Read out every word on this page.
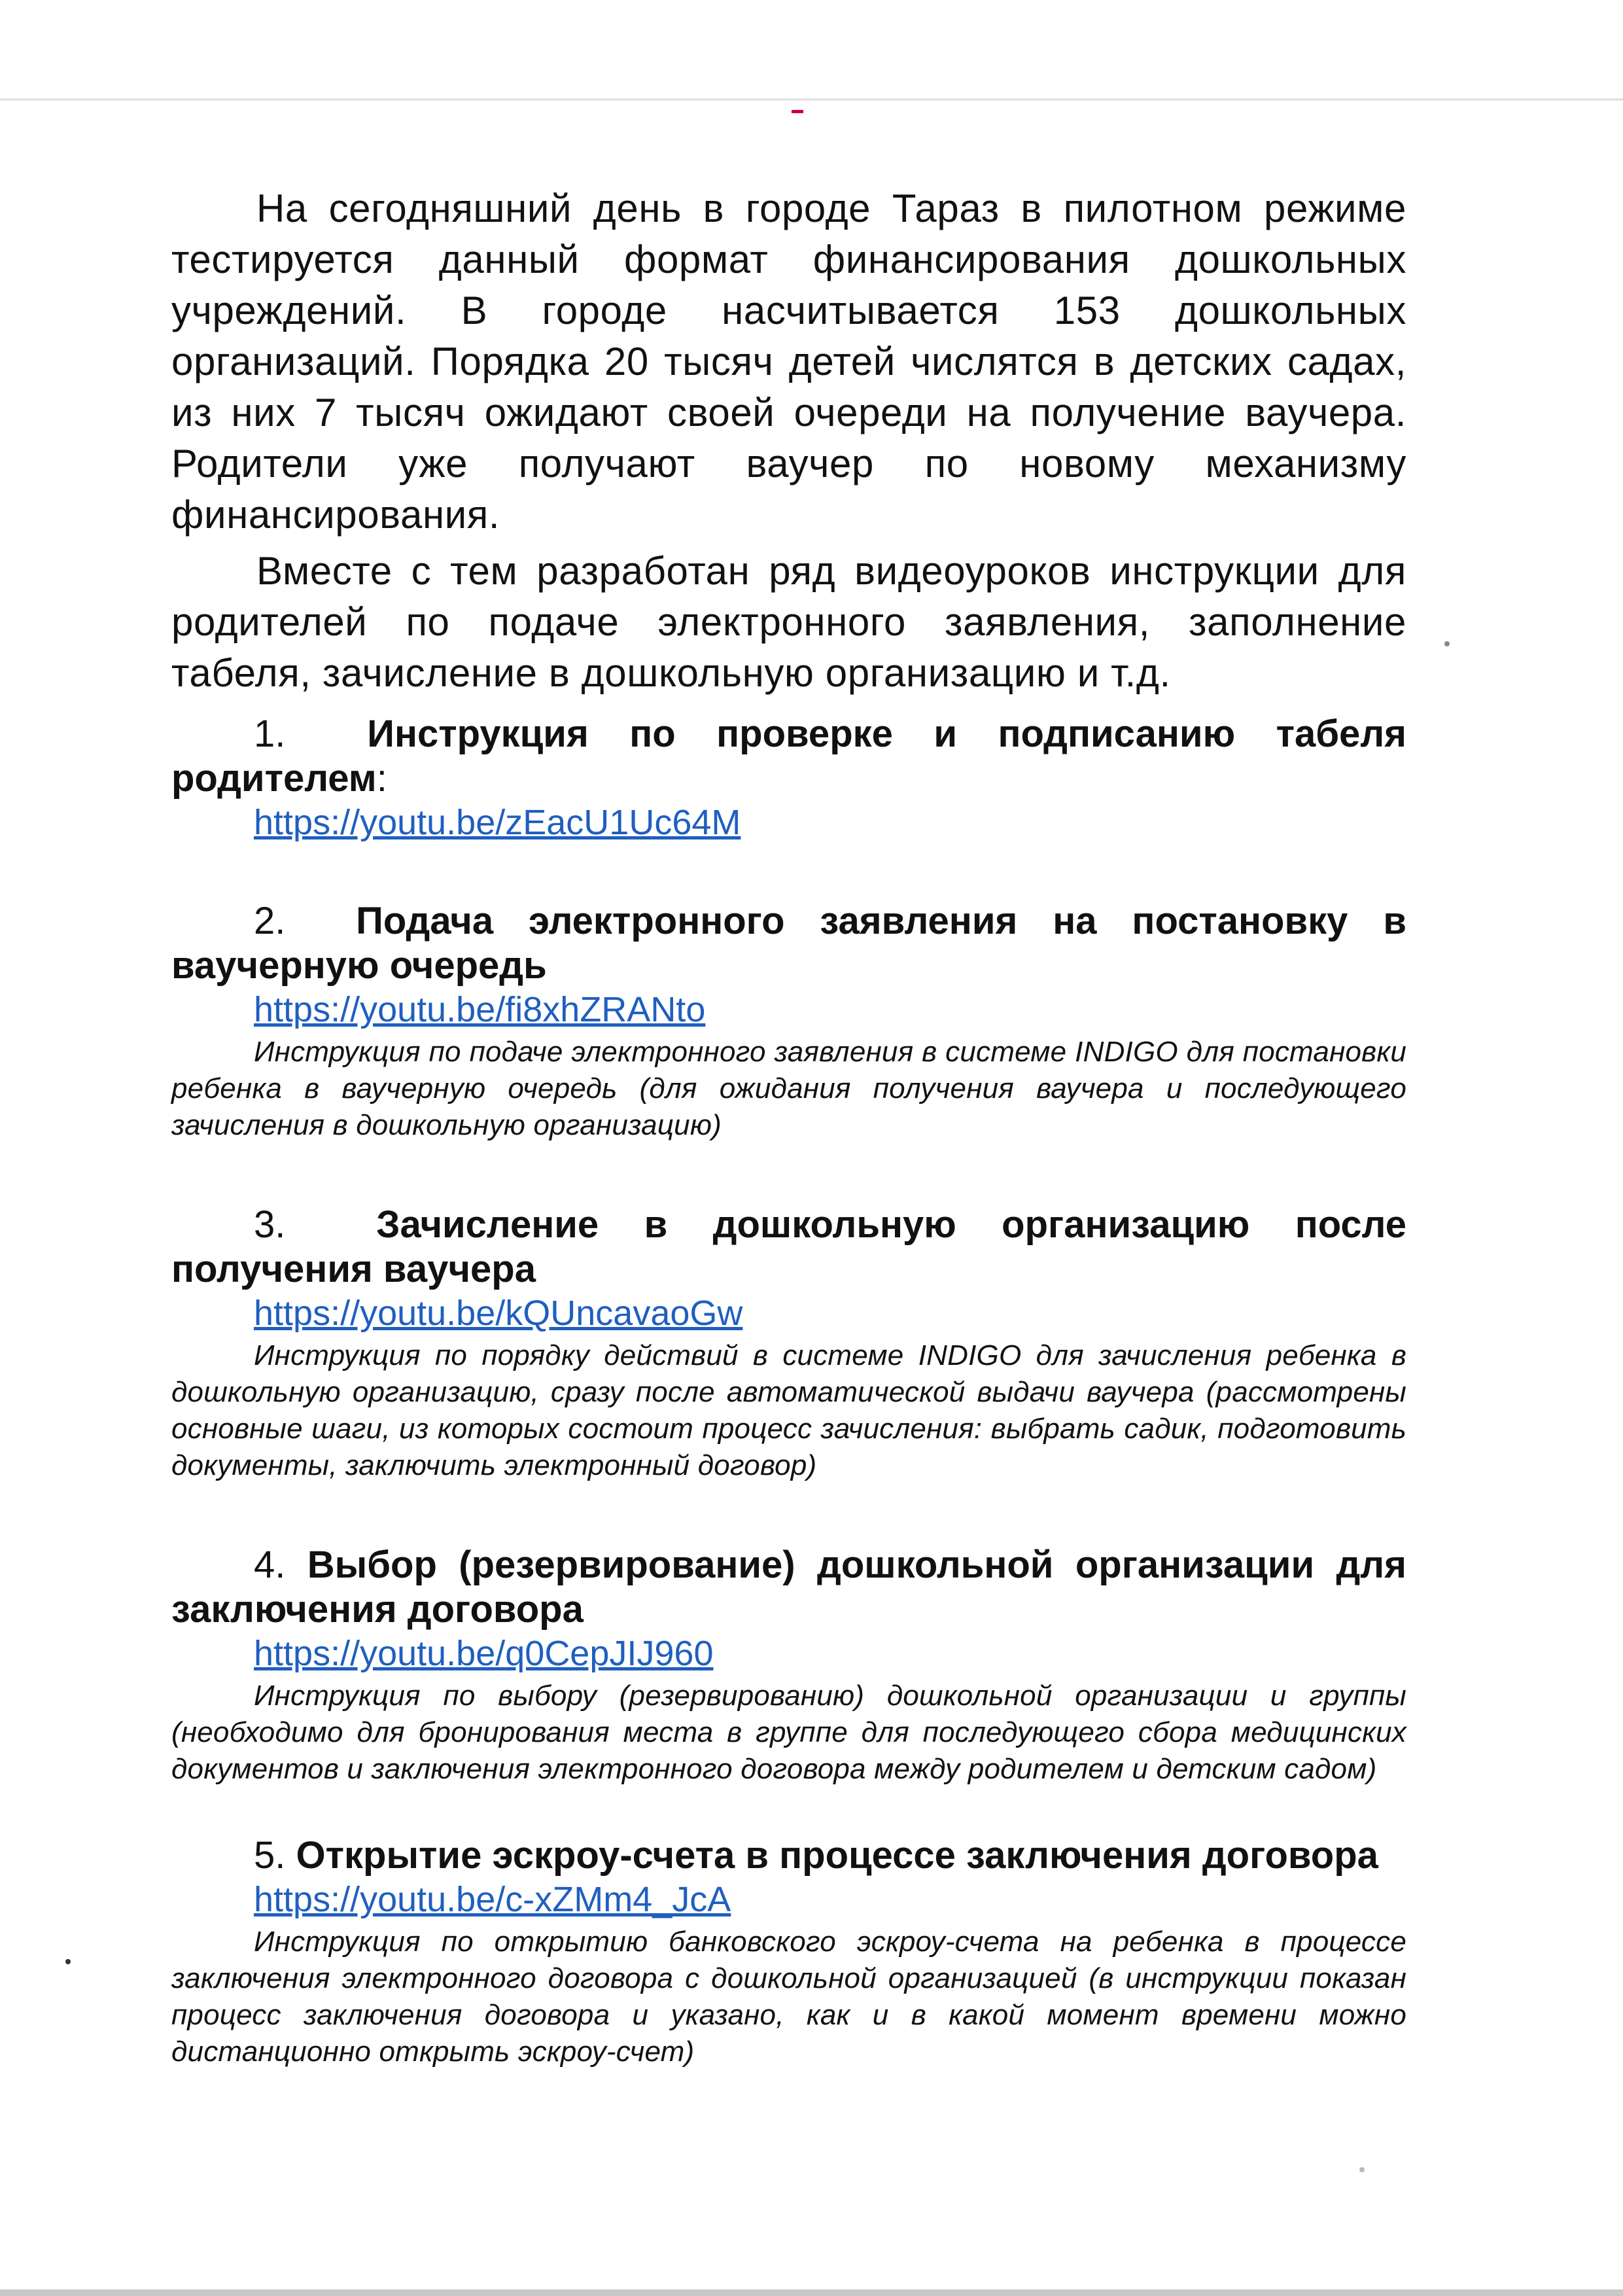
На сегодняшний день в городе Тараз в пилотном режиме тестируется данный формат финансирования дошкольных учреждений. В городе насчитывается 153 дошкольных организаций. Порядка 20 тысяч детей числятся в детских садах, из них 7 тысяч ожидают своей очереди на получение ваучера. Родители уже получают ваучер по новому механизму финансирования.

Вместе с тем разработан ряд видеоуроков инструкции для родителей по подаче электронного заявления, заполнение табеля, зачисление в дошкольную организацию и т.д.

1. Инструкция по проверке и подписанию табеля родителем:

https://youtu.be/zEacU1Uc64M

2. Подача электронного заявления на постановку в ваучерную очередь

https://youtu.be/fi8xhZRANto

Инструкция по подаче электронного заявления в системе INDIGO для постановки ребенка в ваучерную очередь (для ожидания получения ваучера и последующего зачисления в дошкольную организацию)

3. Зачисление в дошкольную организацию после получения ваучера

https://youtu.be/kQUncavaoGw

Инструкция по порядку действий в системе INDIGO для зачисления ребенка в дошкольную организацию, сразу после автоматической выдачи ваучера (рассмотрены основные шаги, из которых состоит процесс зачисления: выбрать садик, подготовить документы, заключить электронный договор)

4. Выбор (резервирование) дошкольной организации для заключения договора

https://youtu.be/q0CepJIJ960

Инструкция по выбору (резервированию) дошкольной организации и группы (необходимо для бронирования места в группе для последующего сбора медицинских документов и заключения электронного договора между родителем и детским садом)

5. Открытие эскроу-счета в процессе заключения договора

https://youtu.be/c-xZMm4_JcA

Инструкция по открытию банковского эскроу-счета на ребенка в процессе заключения электронного договора с дошкольной организацией (в инструкции показан процесс заключения договора и указано, как и в какой момент времени можно дистанционно открыть эскроу-счет)
